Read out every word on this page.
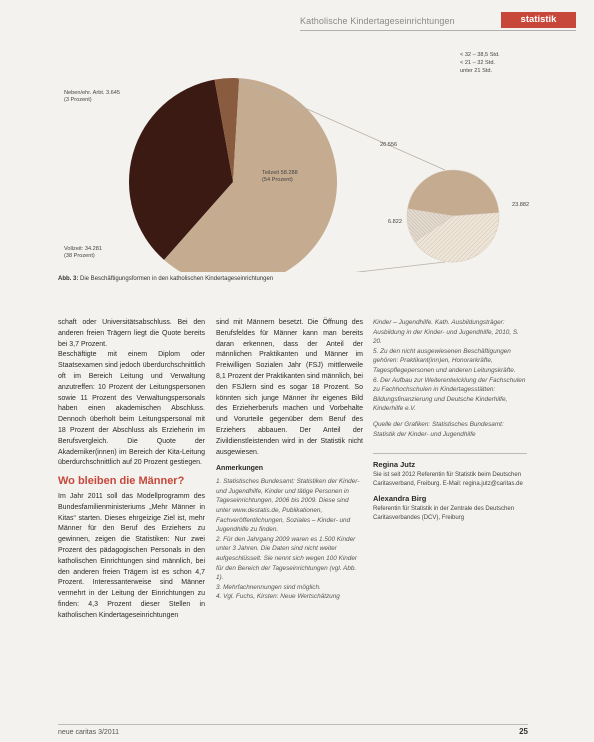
Katholische Kindertageseinrichtungen	statistik
Neben/ehr. Arbt. 3.645
(3 Prozent)
Vollzeit: 34.281
(38 Prozent)
Teilzeit 58.288
(54 Prozent)
26.556
23.882
6.822
< 32 – 38,5 Std.
< 21 – 32 Std.
unter 21 Std.
Abb. 3: Die Beschäftigungsformen in den katholischen Kindertageseinrichtungen

schaft oder Universitätsabschluss. Bei den anderen freien Trägern liegt die Quote bereits bei 3,7 Prozent.

Beschäftigte mit einem Diplom oder Staatsexamen sind jedoch überdurchschnittlich oft im Bereich Leitung und Verwaltung anzutreffen: 10 Prozent der Leitungspersonen sowie 11 Prozent des Verwaltungspersonals haben einen akademischen Abschluss. Dennoch überholt beim Leitungspersonal mit 18 Prozent der Abschluss als Erzieherin im Berufsvergleich. Die Quote der Akademiker(innen) im Bereich der Kita-Leitung überdurchschnittlich auf 20 Prozent gestiegen.

Wo bleiben die Männer?

Im Jahr 2011 soll das Modellprogramm des Bundesfamilienministeriums „Mehr Männer in Kitas“ starten. Dieses ehrgeizige Ziel ist, mehr Männer für den Beruf des Erziehers zu gewinnen, zeigen die Statistiken: Nur zwei Prozent des pädagogischen Personals in den katholischen Einrichtungen sind männlich, bei den anderen freien Trägern ist es schon 4,7 Prozent. Interessanterweise sind Männer vermehrt in der Leitung der Einrichtungen zu finden: 4,3 Prozent dieser Stellen in katholischen Kindertageseinrichtungen

sind mit Männern besetzt. Die Öffnung des Berufsfeldes für Männer kann man bereits daran erkennen, dass der Anteil der männlichen Praktikanten und Männer im Freiwilligen Sozialen Jahr (FSJ) mittlerweile 8,1 Prozent der Praktikanten sind männlich, bei den FSJlern sind es sogar 18 Prozent. So könnten sich junge Männer ihr eigenes Bild des Erzieherberufs machen und Vorbehalte und Vorurteile gegenüber dem Beruf des Erziehers abbauen. Der Anteil der Zivildienstleistenden wird in der Statistik nicht ausgewiesen.

Anmerkungen

1. Statistisches Bundesamt: Statistiken der Kinder- und Jugendhilfe, Kinder und tätige Personen in Tageseinrichtungen, 2006 bis 2009. Diese sind unter www.destatis.de, Publikationen, Fachveröffentlichungen, Soziales – Kinder- und Jugendhilfe zu finden.

2. Für den Jahrgang 2009 waren es 1.500 Kinder unter 3 Jahren. Die Daten sind nicht weiter aufgeschlüsselt. Sie nennt sich wegen 100 Kinder für den Bereich der Tageseinrichtungen (vgl. Abb. 1).

3. Mehrfachnennungen sind möglich.

4. Vgl. Fuchs, Kirsten: Neue Wertschätzung

Kinder – Jugendhilfe. Kath. Ausbildungsträger: Ausbildung in der Kinder- und Jugendhilfe, 2010, S. 20.

5. Zu den nicht ausgewiesenen Beschäftigungen gehören: Praktikant(inn)en, Honorarkräfte, Tagespflegepersonen und anderen Leitungskräfte.

6. Der Aufbau zur Weiterentwicklung der Fachschulen zu Fachhochschulen in Kindertagesstätten: Bildungsfinanzierung und Deutsche Kinderhilfe, Kinderhilfe e.V.

Quelle der Grafiken: Statistisches Bundesamt: Statistik der Kinder- und Jugendhilfe

Regina Jutz
Sie ist seit 2012 Referentin für Statistik beim Deutschen Caritasverband, Freiburg. E-Mail: regina.jutz@caritas.de
Alexandra Birg
Referentin für Statistik in der Zentrale des Deutschen Caritasverbandes (DCV), Freiburg
neue caritas 3/2011	25
